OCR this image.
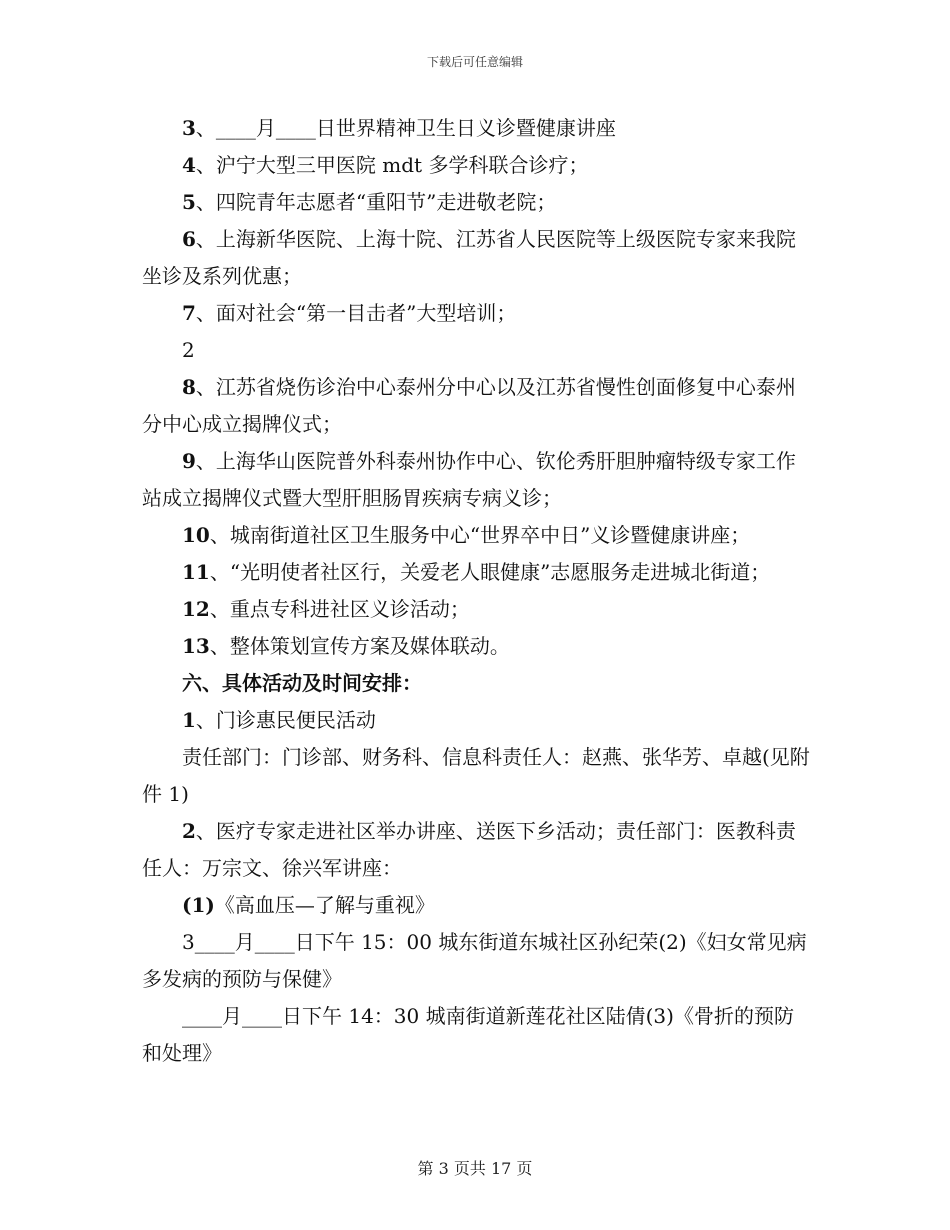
下载后可任意编辑

3、____月____日世界精神卫生日义诊暨健康讲座

4、沪宁大型三甲医院 mdt 多学科联合诊疗；

5、四院青年志愿者“重阳节”走进敬老院；

6、上海新华医院、上海十院、江苏省人民医院等上级医院专家来我院坐诊及系列优惠；

7、面对社会“第一目击者”大型培训；

2

8、江苏省烧伤诊治中心泰州分中心以及江苏省慢性创面修复中心泰州分中心成立揭牌仪式；

9、上海华山医院普外科泰州协作中心、钦伦秀肝胆肿瘤特级专家工作站成立揭牌仪式暨大型肝胆肠胃疾病专病义诊；

10、城南街道社区卫生服务中心“世界卒中日”义诊暨健康讲座；

11、“光明使者社区行，关爱老人眼健康”志愿服务走进城北街道；

12、重点专科进社区义诊活动；

13、整体策划宣传方案及媒体联动。

六、具体活动及时间安排：

1、门诊惠民便民活动

责任部门：门诊部、财务科、信息科责任人：赵燕、张华芳、卓越(见附件 1)

2、医疗专家走进社区举办讲座、送医下乡活动；责任部门：医教科责任人：万宗文、徐兴军讲座：

(1)《高血压—了解与重视》

3____月____日下午 15：00 城东街道东城社区孙纪荣(2)《妇女常见病多发病的预防与保健》

____月____日下午 14：30 城南街道新莲花社区陆倩(3)《骨折的预防和处理》

第 3 页共 17 页
